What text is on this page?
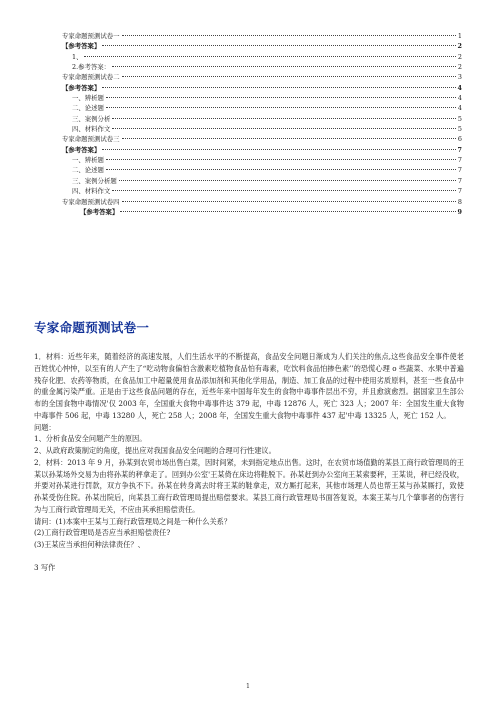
专家命题预测试卷一	1
【参考答案】	2
1、	2
2.参考答案：	2
专家命题预测试卷二	3
【参考答案】	4
一、辨析题	4
二、论述题	4
三、案例分析	5
四、材料作文	5
专家命题预测试卷三	6
【参考答案】	7
一、辨析题	7
二、论述题	7
三、案例分析题	7
四、材料作文	7
专家命题预测试卷四	8
【参考答案】	9
专家命题预测试卷一

1．材料：近些年来，随着经济的高速发展，人们生活水平的不断提高，食品安全问题日渐成为人们关注的焦点,这些食品安全事件使老百姓忧心忡忡，以至有的人产生了“吃动物食偏怕含激素吃植物食品怕有毒素，吃饮料食品怕掺色素’’的恐慌心理 o 些蔬菜、水果中普遍残存化肥、农药等物质，在食品加工中超量使用食品添加剂和其他化学用品，制造、加工食品的过程中使用劣质原料，甚至一些食品中的重金属污染严重。正是由于这些食品问题的存在，近些年来中国每年发生的食物中毒事件层出不穷，并且愈演愈烈。据国家卫生部公布的全国食物中毒情况'仅 2003 年，全国重大食物中毒事件达 379 起，中毒 12876 人，死亡 323 人；2007 年：全国发生重大食物中毒事件 506 起，中毒 13280 人，死亡 258 人；2008 年，全国发生重大食物中毒事件 437 起'中毒 13325 人，死亡 152 人。

问题：

1、分析食品安全问题产生的原因。

2、从政府政策制定的角度，提出应对我国食品安全问题的合理可行性建议。

2．材料：2013 年 9 月，孙某到农贸市场出售白菜，因时间紧，未到指定地点出售。这时，在农贸市场值勤的某县工商行政管理局的王某以孙某场外交易为由将孙某的秤拿走了。回到办公室'王某倚在床边将鞋脱下。孙某赶到办公室向王某索要秤，王某说，秤已经没收，并要对孙某进行罚款，双方争执不下。孙某在转身离去时将王某的鞋拿走，双方厮打起来，其他市场理人员也帮王某与孙某厮打，致使孙某受伤住院。孙某出院后，向某县工商行政管理局提出赔偿要求。某县工商行政管理局书面答复说，本案王某与几个肇事者的伤害行为与工商行政管理局无关，不应由其承担赔偿责任。

请问：(1)本案中王某与工商行政管理局之间是一种什么关系？

(2)工商行政管理局是否应当承担赔偿责任?

(3)王某应当承担何种法律责任？、

3 写作

1
